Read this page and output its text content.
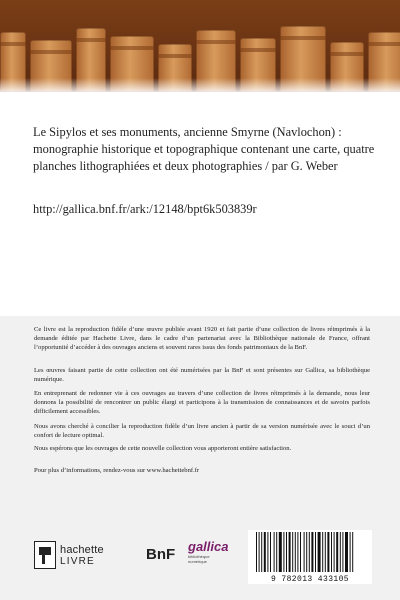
Le Sipylos et ses monuments, ancienne Smyrne (Navlochon) : monographie historique et topographique contenant une carte, quatre planches lithographiées et deux photographies / par G. Weber
http://gallica.bnf.fr/ark:/12148/bpt6k503839r

Ce livre est la reproduction fidèle d’une œuvre publiée avant 1920 et fait partie d’une collection de livres réimprimés à la demande éditée par Hachette Livre, dans le cadre d’un partenariat avec la Bibliothèque nationale de France, offrant l’opportunité d’accéder à des ouvrages anciens et souvent rares issus des fonds patrimoniaux de la BnF.

Les œuvres faisant partie de cette collection ont été numérisées par la BnF et sont présentes sur Gallica, sa bibliothèque numérique.

En entreprenant de redonner vie à ces ouvrages au travers d’une collection de livres réimprimés à la demande, nous leur donnons la possibilité de rencontrer un public élargi et participons à la transmission de connaissances et de savoirs parfois difficilement accessibles.

Nous avons cherché à concilier la reproduction fidèle d’un livre ancien à partir de sa version numérisée avec le souci d’un confort de lecture optimal.

Nous espérons que les ouvrages de cette nouvelle collection vous apporteront entière satisfaction.

Pour plus d’informations, rendez-vous sur www.hachettebnf.fr

hachette
LIVRE	BnF gallica
bibliothèque
numérique
9 782013 433105
